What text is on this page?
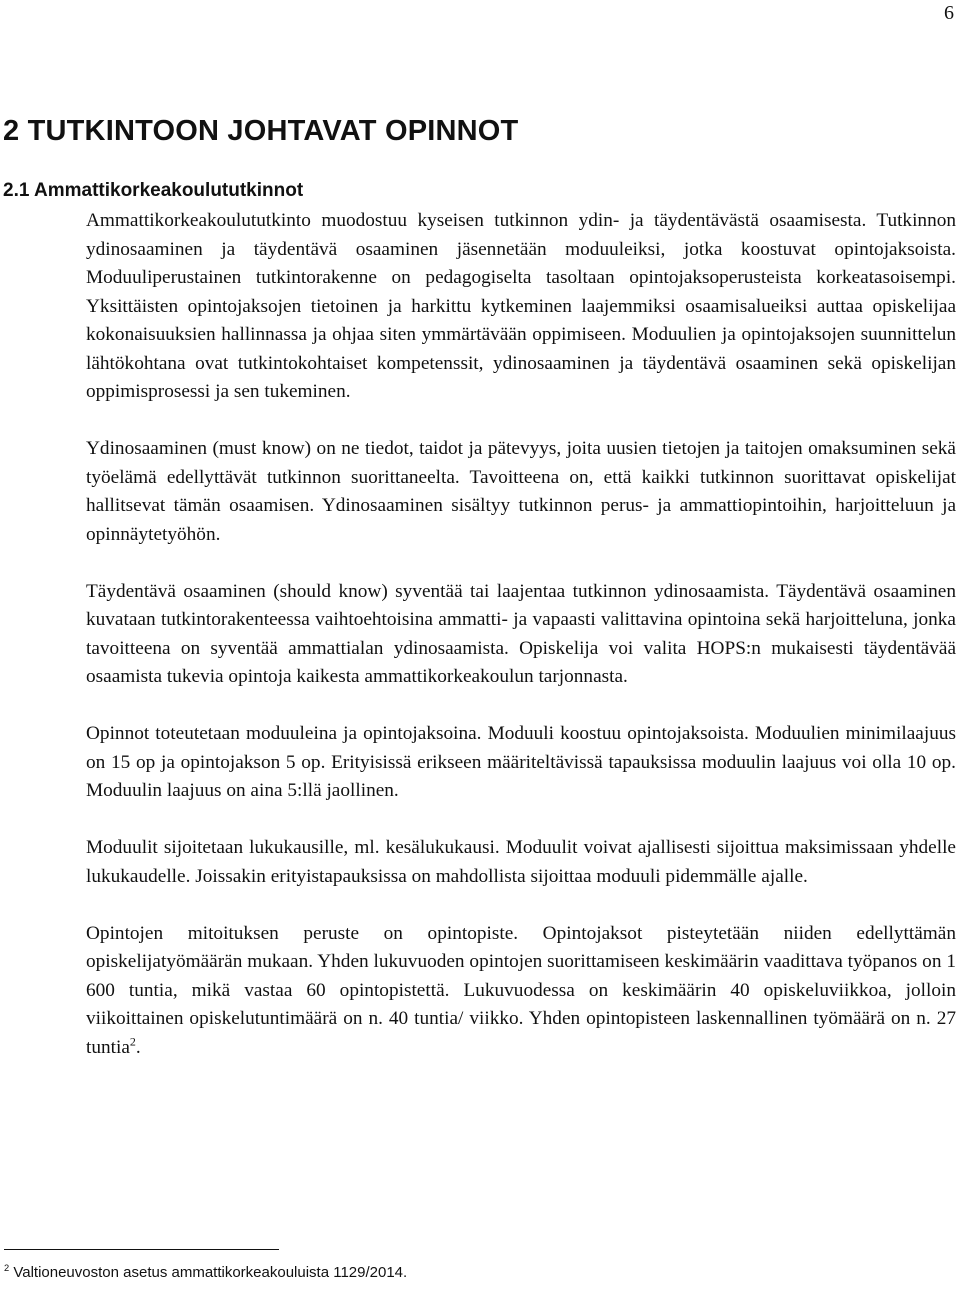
6
2 TUTKINTOON JOHTAVAT OPINNOT
2.1 Ammattikorkeakoulututkinnot

Ammattikorkeakoulututkinto muodostuu kyseisen tutkinnon ydin- ja täydentävästä osaamisesta. Tutkinnon ydinosaaminen ja täydentävä osaaminen jäsennetään moduuleiksi, jotka koostuvat opintojaksoista. Moduuliperustainen tutkintorakenne on pedagogiselta tasoltaan opintojaksoperusteista korkeatasoisempi. Yksittäisten opintojaksojen tietoinen ja harkittu kytkeminen laajemmiksi osaamisalueiksi auttaa opiskelijaa kokonaisuuksien hallinnassa ja ohjaa siten ymmärtävään oppimiseen. Moduulien ja opintojaksojen suunnittelun lähtökohtana ovat tutkintokohtaiset kompetenssit, ydinosaaminen ja täydentävä osaaminen sekä opiskelijan oppimisprosessi ja sen tukeminen.

Ydinosaaminen (must know) on ne tiedot, taidot ja pätevyys, joita uusien tietojen ja taitojen omaksuminen sekä työelämä edellyttävät tutkinnon suorittaneelta. Tavoitteena on, että kaikki tutkinnon suorittavat opiskelijat hallitsevat tämän osaamisen. Ydinosaaminen sisältyy tutkinnon perus- ja ammattiopintoihin, harjoitteluun ja opinnäytetyöhön.

Täydentävä osaaminen (should know) syventää tai laajentaa tutkinnon ydinosaamista. Täydentävä osaaminen kuvataan tutkintorakenteessa vaihtoehtoisina ammatti- ja vapaasti valittavina opintoina sekä harjoitteluna, jonka tavoitteena on syventää ammattialan ydinosaamista. Opiskelija voi valita HOPS:n mukaisesti täydentävää osaamista tukevia opintoja kaikesta ammattikorkeakoulun tarjonnasta.

Opinnot toteutetaan moduuleina ja opintojaksoina. Moduuli koostuu opintojaksoista. Moduulien minimilaajuus on 15 op ja opintojakson 5 op. Erityisissä erikseen määriteltävissä tapauksissa moduulin laajuus voi olla 10 op. Moduulin laajuus on aina 5:llä jaollinen.

Moduulit sijoitetaan lukukausille, ml. kesälukukausi. Moduulit voivat ajallisesti sijoittua maksimissaan yhdelle lukukaudelle. Joissakin erityistapauksissa on mahdollista sijoittaa moduuli pidemmälle ajalle.

Opintojen mitoituksen peruste on opintopiste. Opintojaksot pisteytetään niiden edellyttämän opiskelijatyömäärän mukaan. Yhden lukuvuoden opintojen suorittamiseen keskimäärin vaadittava työpanos on 1 600 tuntia, mikä vastaa 60 opintopistettä. Lukuvuodessa on keskimäärin 40 opiskeluviikkoa, jolloin viikoittainen opiskelutuntimäärä on n. 40 tuntia/ viikko. Yhden opintopisteen laskennallinen työmäärä on n. 27 tuntia$^2$.

$^2$ Valtioneuvoston asetus ammattikorkeakouluista 1129/2014.
